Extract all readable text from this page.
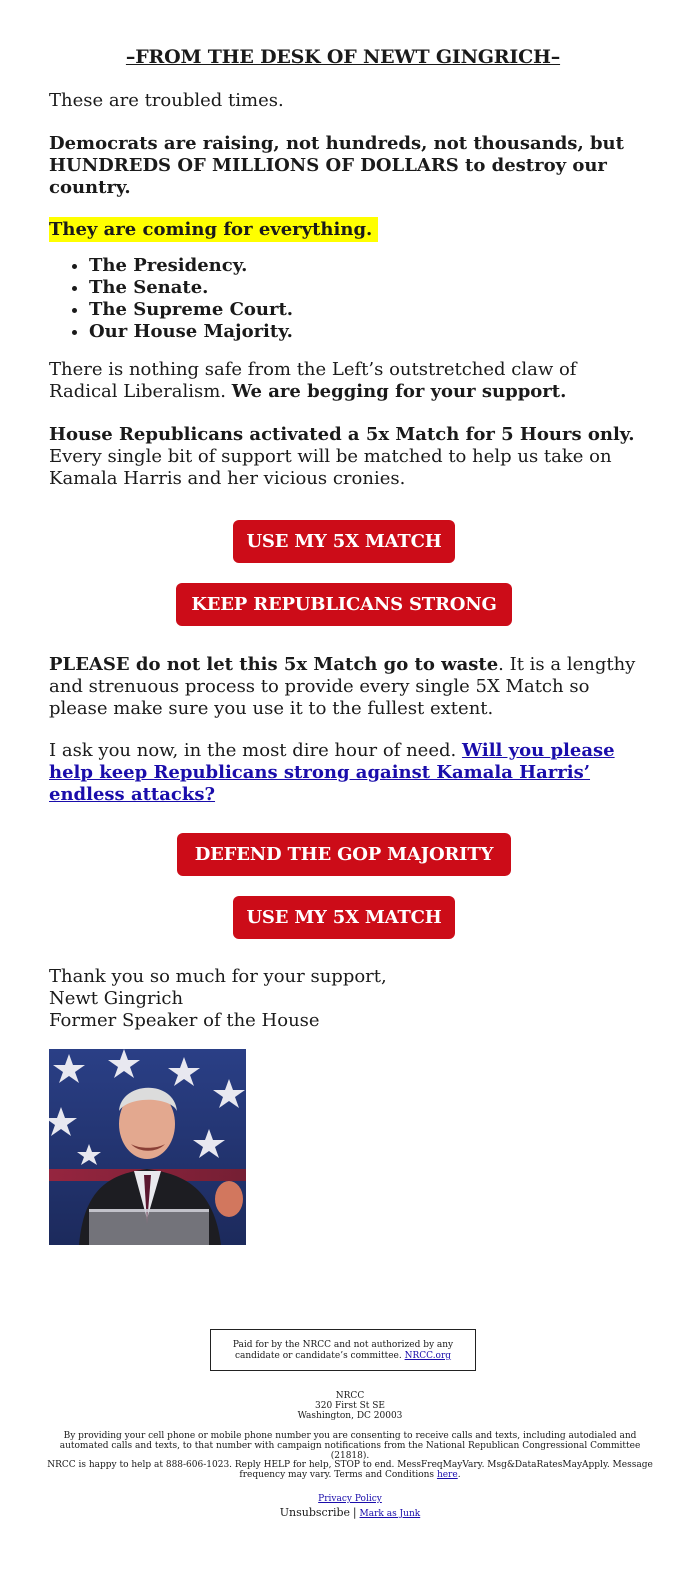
–FROM THE DESK OF NEWT GINGRICH–
These are troubled times.
Democrats are raising, not hundreds, not thousands, but HUNDREDS OF MILLIONS OF DOLLARS to destroy our country.
They are coming for everything.
• The Presidency.
• The Senate.
• The Supreme Court.
• Our House Majority.
There is nothing safe from the Left’s outstretched claw of Radical Liberalism. We are begging for your support.
House Republicans activated a 5x Match for 5 Hours only. Every single bit of support will be matched to help us take on Kamala Harris and her vicious cronies.
PLEASE do not let this 5x Match go to waste. It is a lengthy and strenuous process to provide every single 5X Match so please make sure you use it to the fullest extent.
I ask you now, in the most dire hour of need. Will you please help keep Republicans strong against Kamala Harris’ endless attacks?
Thank you so much for your support,
Newt Gingrich
Former Speaker of the House
USE MY 5X MATCH
KEEP REPUBLICANS STRONG
DEFEND THE GOP MAJORITY
USE MY 5X MATCH
Paid for by the NRCC and not authorized by any candidate or candidate’s committee. NRCC.org
NRCC
320 First St SE
Washington, DC 20003
By providing your cell phone or mobile phone number you are consenting to receive calls and texts, including autodialed and automated calls and texts, to that number with campaign notifications from the National Republican Congressional Committee (21818).
NRCC is happy to help at 888-606-1023. Reply HELP for help, STOP to end. MessFreqMayVary. Msg&DataRatesMayApply. Message frequency may vary. Terms and Conditions here.
Privacy Policy
Unsubscribe | Mark as Junk
